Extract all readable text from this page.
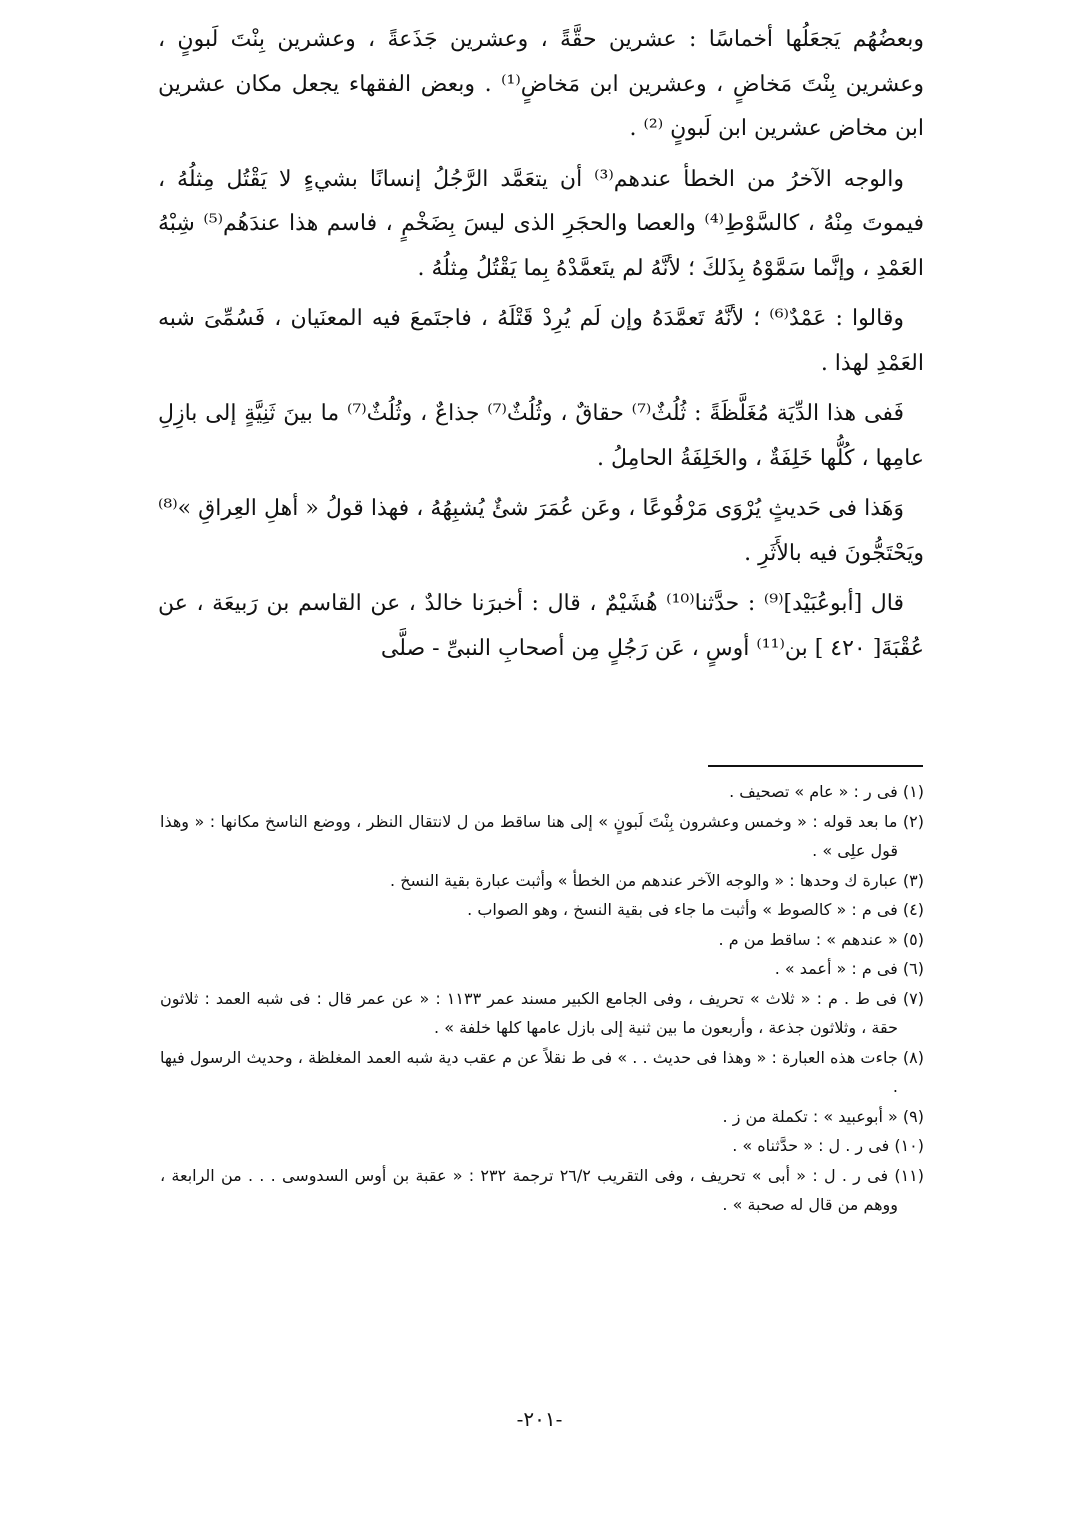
وبعضُهُم يَجعَلُها أخماسًا : عشرين حقَّةً ، وعشرين جَذَعةً ، وعشرين بِنْتَ لَبونٍ ، وعشرين بِنْتَ مَخاضٍ ، وعشرين ابن مَخاضٍ⁽¹⁾ . وبعض الفقهاء يجعل مكان عشرين ابن مخاض عشرين ابن لَبونٍ ⁽²⁾ .

والوجه الآخرُ من الخطأ عندهم⁽³⁾ أن يتعَمَّد الرَّجُلُ إنسانًا بشيءٍ لا يَقْتُل مِثلُهُ ، فيموتَ مِنْهُ ، كالسَّوْطِ⁽⁴⁾ والعصا والحجَرِ الذى ليسَ بِضَخْمٍ ، فاسم هذا عندَهُم⁽⁵⁾ شِبْهُ العَمْدِ ، وإنَّما سَمَّوْهُ بِذَلكَ ؛ لأنَّهُ لم يتَعمَّدْهُ بِما يَقْتُلُ مِثلُهُ .

وقالوا : عَمْدٌ⁽⁶⁾ ؛ لأنَّهُ تَعمَّدَهُ وإن لَم يُرِدْ قَتْلَهُ ، فاجتَمعَ فيه المعنَيان ، فَسُمِّىَ شبه العَمْدِ لهذا .

فَفى هذا الدِّيَة مُغَلَّظَةً : ثُلُثٌ⁽⁷⁾ حقاقٌ ، وثُلُثٌ⁽⁷⁾ جذاعٌ ، وثُلُثٌ⁽⁷⁾ ما بينَ ثَنِيَّةٍ إلى بازِلِ عامِها ، كُلُّها خَلِفَةٌ ، والخَلِفَةُ الحامِلُ .

وَهَذا فى حَديثٍ يُرْوَى مَرْفُوعًا ، وعَن عُمَرَ شئٌ يُشبِهُهُ ، فهذا قولُ « أهلِ العِراقِ »⁽⁸⁾ ويَحْتَجُّونَ فيه بالأَثَرِ .

قال [أبوعُبَيْد]⁽⁹⁾ : حدَّثنا⁽¹⁰⁾ هُشَيْمٌ ، قال : أخبرَنا خالدٌ ، عن القاسم بن رَبيعَة ، عن عُقْبَةَ[ ٤٢٠ ] بن⁽¹¹⁾ أوسٍ ، عَن رَجُلٍ مِن أصحابِ النبىِّ - صلَّى

(١) فى ر : « عام » تصحيف .

(٢) ما بعد قوله : « وخمس وعشرون بِنْتَ لَبونٍ » إلى هنا ساقط من ل لانتقال النظر ، ووضع الناسخ مكانها : « وهذا قول علِى » .

(٣) عبارة ك وحدها : « والوجه الآخر عندهم من الخطأ » وأثبت عبارة بقية النسخ .

(٤) فى م : « كالصوط » وأثبت ما جاء فى بقية النسخ ، وهو الصواب .

(٥) « عندهم » : ساقط من م .

(٦) فى م : « أعمد » .

(٧) فى ط . م : « ثلاث » تحريف ، وفى الجامع الكبير مسند عمر ١١٣٣ : « عن عمر قال : فى شبه العمد : ثلاثون حقة ، وثلاثون جذعة ، وأربعون ما بين ثنية إلى بازل عامها كلها خلفة » .

(٨) جاءت هذه العبارة : « وهذا فى حديث . . » فى ط نقلاً عن م عقب دية شبه العمد المغلظة ، وحديث الرسول فيها .

(٩) « أبوعبيد » : تكملة من ز .

(١٠) فى ر . ل : « حدَّثناه » .

(١١) فى ر . ل : « أبى » تحريف ، وفى التقريب ٢٦/٢ ترجمة ٢٣٢ : « عقبة بن أوس السدوسى . . . من الرابعة ، ووهم من قال له صحبة » .

-٢٠١-
